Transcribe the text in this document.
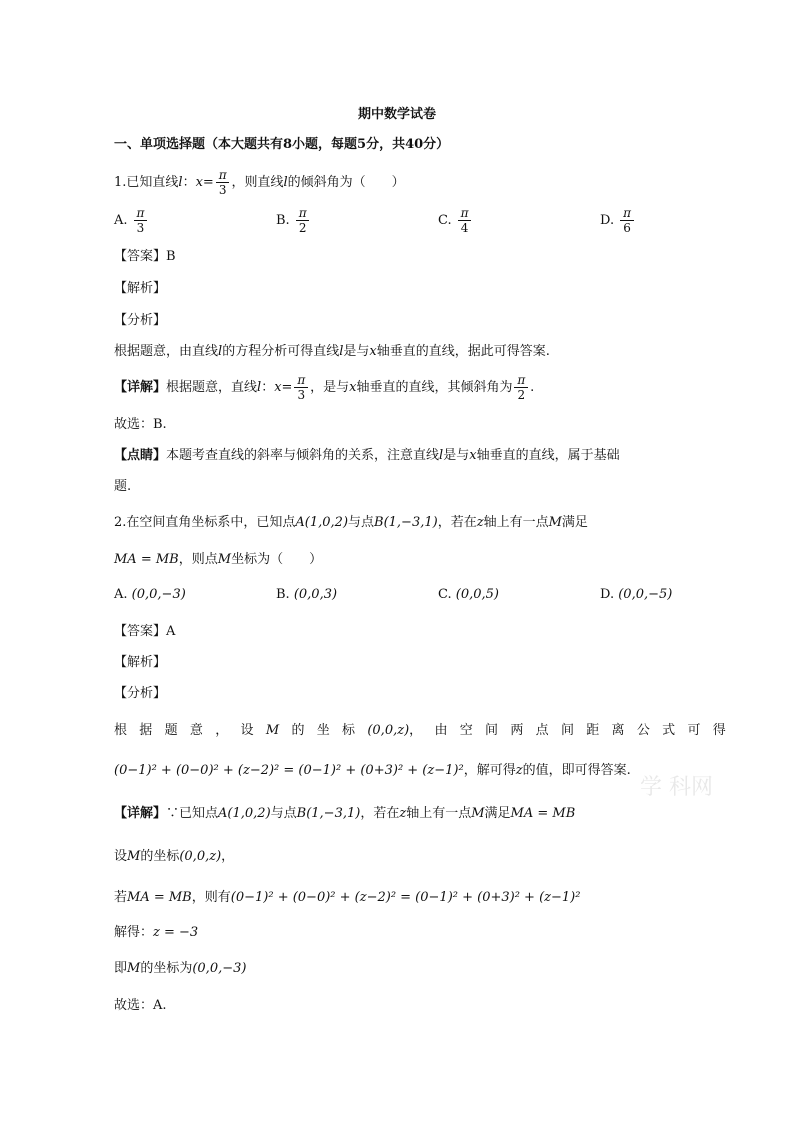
期中数学试卷
一、单项选择题（本大题共有8小题，每题5分，共40分）
1.已知直线l：$x= \frac{\pi}{3}$ ，则直线l的倾斜角为（　　）
A. $\frac{\pi}{3}$	B. $\frac{\pi}{2}$	C. $\frac{\pi}{4}$	D. $\frac{\pi}{6}$
【答案】B
【解析】
【分析】
根据题意，由直线l的方程分析可得直线l是与x轴垂直的直线，据此可得答案.
【详解】根据题意，直线l：$x= \frac{\pi}{3}$ ，是与x轴垂直的直线，其倾斜角为 $\frac{\pi}{2}$ .
故选：B.
【点睛】本题考查直线的斜率与倾斜角的关系，注意直线l是与x轴垂直的直线，属于基础
题.
2.在空间直角坐标系中，已知点A(1,0,2)与点B(1,−3,1)，若在z轴上有一点M满足
MA = MB，则点M坐标为（　　）
A. (0,0,−3)	B. (0,0,3)	C. (0,0,5)	D. (0,0,−5)
【答案】A
【解析】
【分析】
根据题意，设M的坐标(0,0,z)，由空间两点间距离公式可得
(0−1)² + (0−0)² + (z−2)² = (0−1)² + (0+3)² + (z−1)²，解可得z的值，即可得答案.
【详解】∵已知点A(1,0,2)与点B(1,−3,1)，若在z轴上有一点M满足MA = MB
设M的坐标(0,0,z)，
若MA = MB，则有(0−1)² + (0−0)² + (z−2)² = (0−1)² + (0+3)² + (z−1)²
解得：z = −3
即M的坐标为(0,0,−3)
故选：A.
学 科网
